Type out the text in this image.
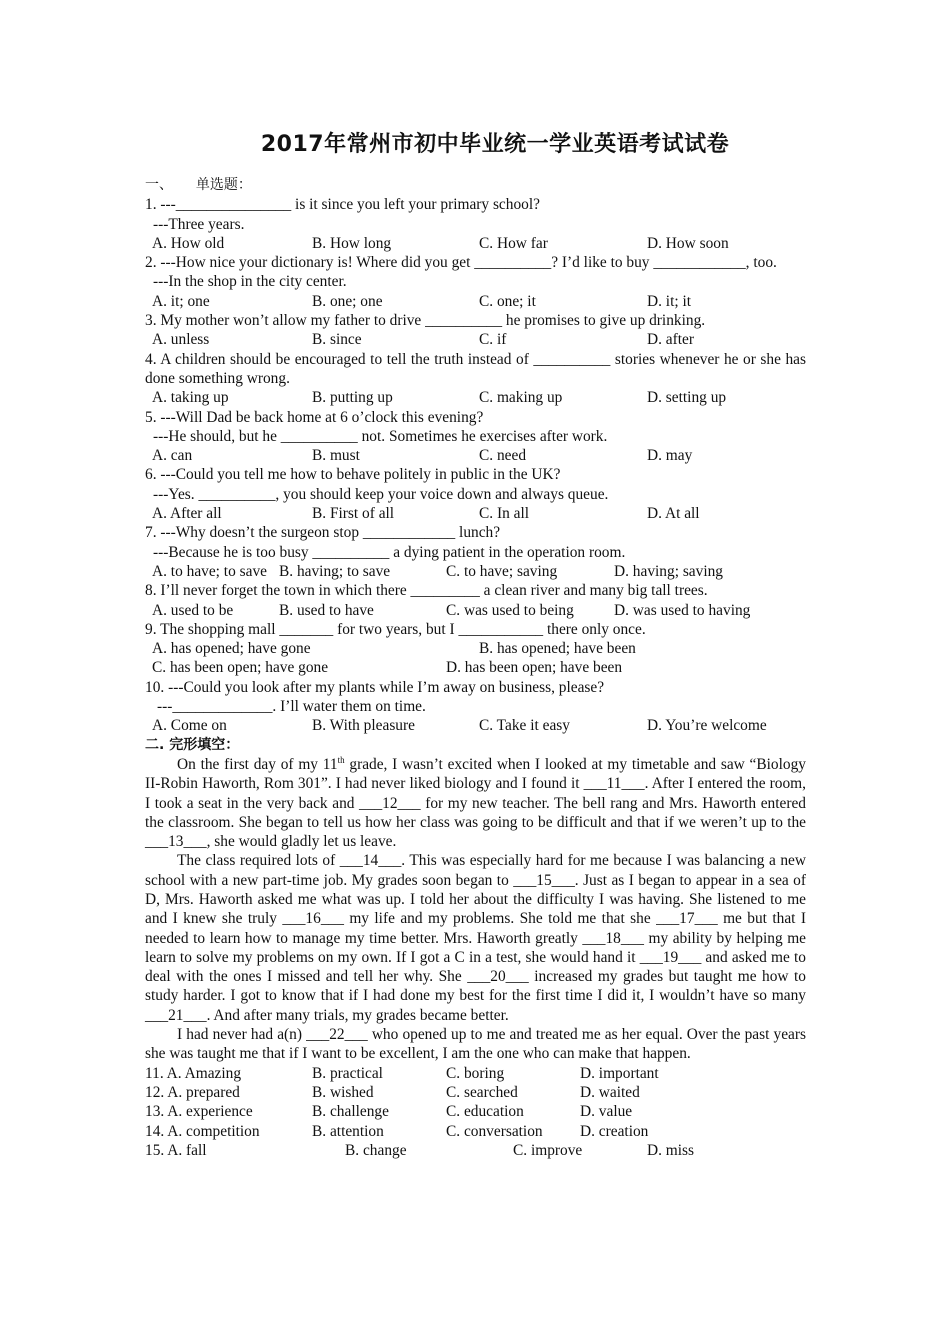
2017年常州市初中毕业统一学业英语考试试卷
一、 单选题：
1. ---_______________ is it since you left your primary school?
---Three years.
A. How old	B. How long	C. How far	D. How soon
2. ---How nice your dictionary is! Where did you get __________? I’d like to buy ____________, too.
---In the shop in the city center.
A. it; one	B. one; one	C. one; it	D. it; it
3. My mother won’t allow my father to drive __________ he promises to give up drinking.
A. unless	B. since	C. if	D. after
4. A children should be encouraged to tell the truth instead of __________ stories whenever he or she has done something wrong.
A. taking up	B. putting up	C. making up	D. setting up
5. ---Will Dad be back home at 6 o’clock this evening?
---He should, but he __________ not. Sometimes he exercises after work.
A. can	B. must	C. need	D. may
6. ---Could you tell me how to behave politely in public in the UK?
---Yes. __________, you should keep your voice down and always queue.
A. After all	B. First of all	C. In all	D. At all
7. ---Why doesn’t the surgeon stop ____________ lunch?
---Because he is too busy __________ a dying patient in the operation room.
A. to have; to save B. having; to save	C. to have; saving	D. having; saving
8. I’ll never forget the town in which there _________ a clean river and many big tall trees.
A. used to be	B. used to have	C. was used to being	D. was used to having
9. The shopping mall _______ for two years, but I ___________ there only once.
A. has opened; have gone	B. has opened; have been
C. has been open; have gone	D. has been open; have been
10. ---Could you look after my plants while I’m away on business, please?
---_____________. I’ll water them on time.
A. Come on	B. With pleasure	C. Take it easy	D. You’re welcome
二. 完形填空：

On the first day of my 11th grade, I wasn’t excited when I looked at my timetable and saw “Biology II-Robin Haworth, Rom 301”. I had never liked biology and I found it ___11___. After I entered the room, I took a seat in the very back and ___12___ for my new teacher. The bell rang and Mrs. Haworth entered the classroom. She began to tell us how her class was going to be difficult and that if we weren’t up to the ___13___, she would gladly let us leave.

The class required lots of ___14___. This was especially hard for me because I was balancing a new school with a new part-time job. My grades soon began to ___15___. Just as I began to appear in a sea of D, Mrs. Haworth asked me what was up. I told her about the difficulty I was having. She listened to me and I knew she truly ___16___ my life and my problems. She told me that she ___17___ me but that I needed to learn how to manage my time better. Mrs. Haworth greatly ___18___ my ability by helping me learn to solve my problems on my own. If I got a C in a test, she would hand it ___19___ and asked me to deal with the ones I missed and tell her why. She ___20___ increased my grades but taught me how to study harder. I got to know that if I had done my best for the first time I did it, I wouldn’t have so many ___21___. And after many trials, my grades became better.

I had never had a(n) ___22___ who opened up to me and treated me as her equal. Over the past years she was taught me that if I want to be excellent, I am the one who can make that happen.

11. A. Amazing	B. practical	C. boring	D. important
12. A. prepared	B. wished	C. searched	D. waited
13. A. experience	B. challenge	C. education	D. value
14. A. competition	B. attention	C. conversation D. creation
15. A. fall	B. change	C. improve	D. miss
